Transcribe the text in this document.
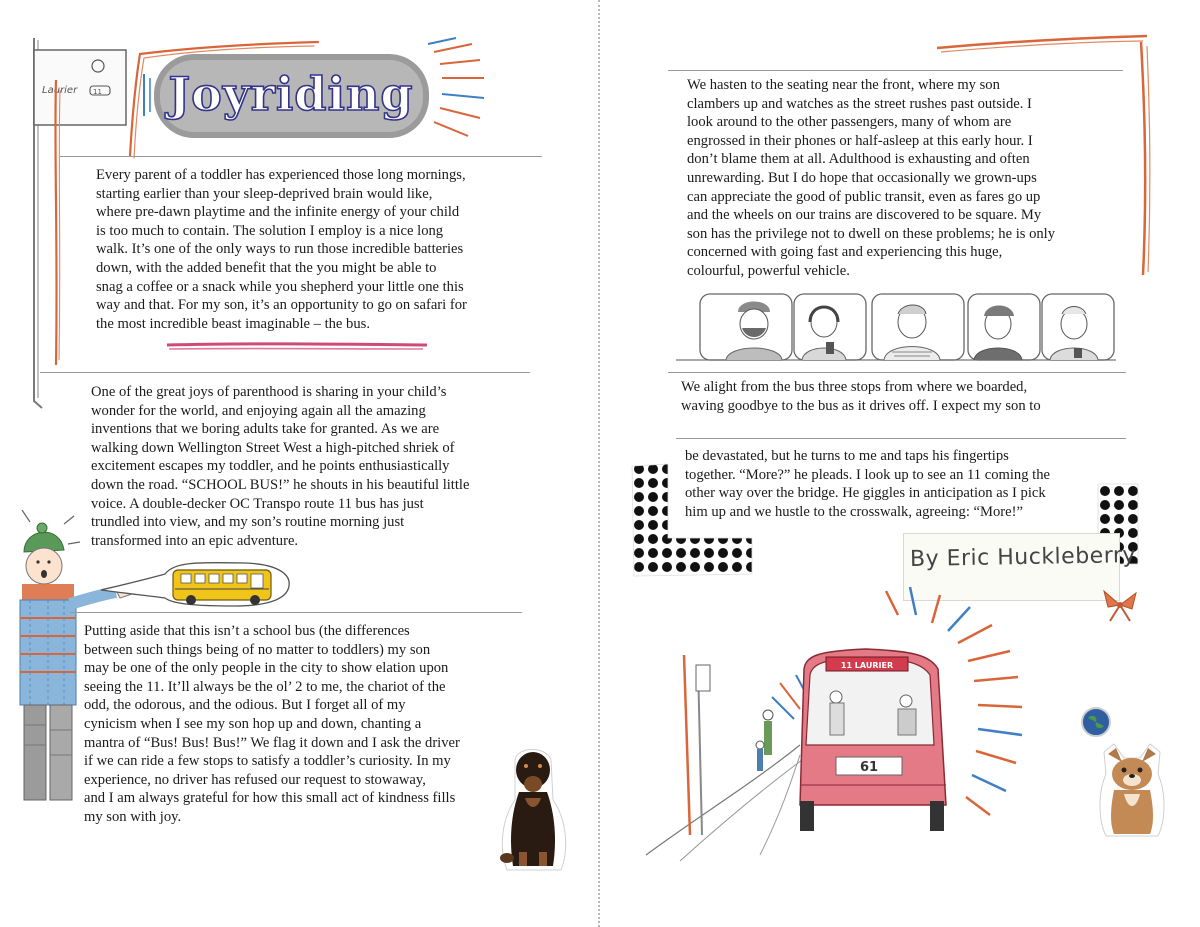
Laurier 11 Joyriding
Every parent of a toddler has experienced those long mornings,
starting earlier than your sleep-deprived brain would like,
where pre-dawn playtime and the infinite energy of your child
is too much to contain. The solution I employ is a nice long
walk. It’s one of the only ways to run those incredible batteries
down, with the added benefit that the you might be able to
snag a coffee or a snack while you shepherd your little one this
way and that. For my son, it’s an opportunity to go on safari for
the most incredible beast imaginable – the bus.
One of the great joys of parenthood is sharing in your child’s
wonder for the world, and enjoying again all the amazing
inventions that we boring adults take for granted. As we are
walking down Wellington Street West a high-pitched shriek of
excitement escapes my toddler, and he points enthusiastically
down the road. “SCHOOL BUS!” he shouts in his beautiful little
voice. A double-decker OC Transpo route 11 bus has just
trundled into view, and my son’s routine morning just
transformed into an epic adventure.
Putting aside that this isn’t a school bus (the differences
between such things being of no matter to toddlers) my son
may be one of the only people in the city to show elation upon
seeing the 11. It’ll always be the ol’ 2 to me, the chariot of the
odd, the odorous, and the odious. But I forget all of my
cynicism when I see my son hop up and down, chanting a
mantra of “Bus! Bus! Bus!” We flag it down and I ask the driver
if we can ride a few stops to satisfy a toddler’s curiosity. In my
experience, no driver has refused our request to stowaway,
and I am always grateful for how this small act of kindness fills
my son with joy.
We hasten to the seating near the front, where my son
clambers up and watches as the street rushes past outside. I
look around to the other passengers, many of whom are
engrossed in their phones or half-asleep at this early hour. I
don’t blame them at all. Adulthood is exhausting and often
unrewarding. But I do hope that occasionally we grown-ups
can appreciate the good of public transit, even as fares go up
and the wheels on our trains are discovered to be square. My
son has the privilege not to dwell on these problems; he is only
concerned with going fast and experiencing this huge,
colourful, powerful vehicle.
We alight from the bus three stops from where we boarded,
waving goodbye to the bus as it drives off. I expect my son to
be devastated, but he turns to me and taps his fingertips
together. “More?” he pleads. I look up to see an 11 coming the
other way over the bridge. He giggles in anticipation as I pick
him up and we hustle to the crosswalk, agreeing: “More!”
By Eric Huckleberry
11 LAURIER
61
